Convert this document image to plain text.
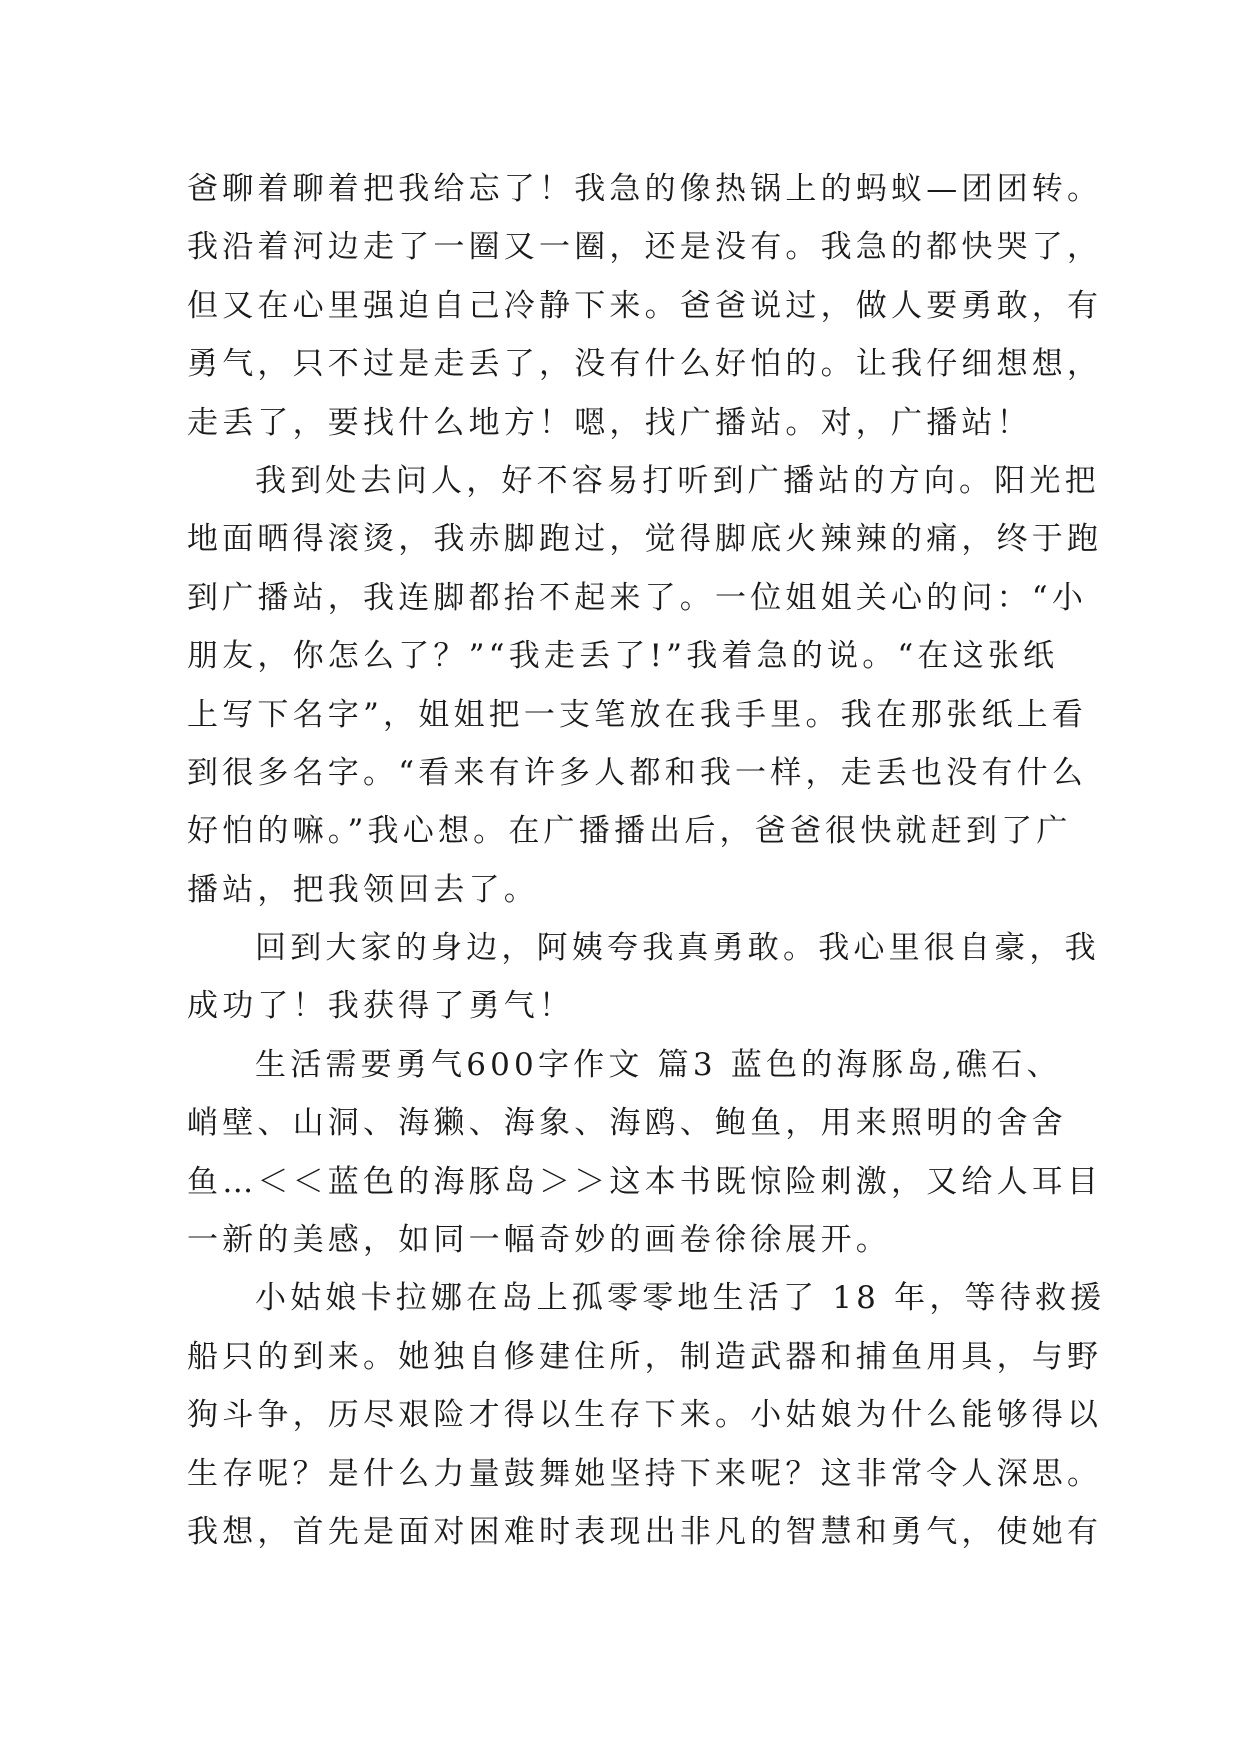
爸聊着聊着把我给忘了！我急的像热锅上的蚂蚁—团团转。
我沿着河边走了一圈又一圈，还是没有。我急的都快哭了，
但又在心里强迫自己冷静下来。爸爸说过，做人要勇敢，有
勇气，只不过是走丢了，没有什么好怕的。让我仔细想想，
走丢了，要找什么地方！嗯，找广播站。对，广播站！
我到处去问人，好不容易打听到广播站的方向。阳光把
地面晒得滚烫，我赤脚跑过，觉得脚底火辣辣的痛，终于跑
到广播站，我连脚都抬不起来了。一位姐姐关心的问：“小
朋友，你怎么了？”“我走丢了!”我着急的说。“在这张纸
上写下名字”，姐姐把一支笔放在我手里。我在那张纸上看
到很多名字。“看来有许多人都和我一样，走丢也没有什么
好怕的嘛。”我心想。在广播播出后，爸爸很快就赶到了广
播站，把我领回去了。
回到大家的身边，阿姨夸我真勇敢。我心里很自豪，我
成功了！我获得了勇气！
生活需要勇气600字作文 篇3 蓝色的海豚岛,礁石、
峭壁、山洞、海獭、海象、海鸥、鲍鱼，用来照明的舍舍
鱼…＜＜蓝色的海豚岛＞＞这本书既惊险刺激，又给人耳目
一新的美感，如同一幅奇妙的画卷徐徐展开。
小姑娘卡拉娜在岛上孤零零地生活了 18 年，等待救援
船只的到来。她独自修建住所，制造武器和捕鱼用具，与野
狗斗争，历尽艰险才得以生存下来。小姑娘为什么能够得以
生存呢？是什么力量鼓舞她坚持下来呢？这非常令人深思。
我想，首先是面对困难时表现出非凡的智慧和勇气，使她有
